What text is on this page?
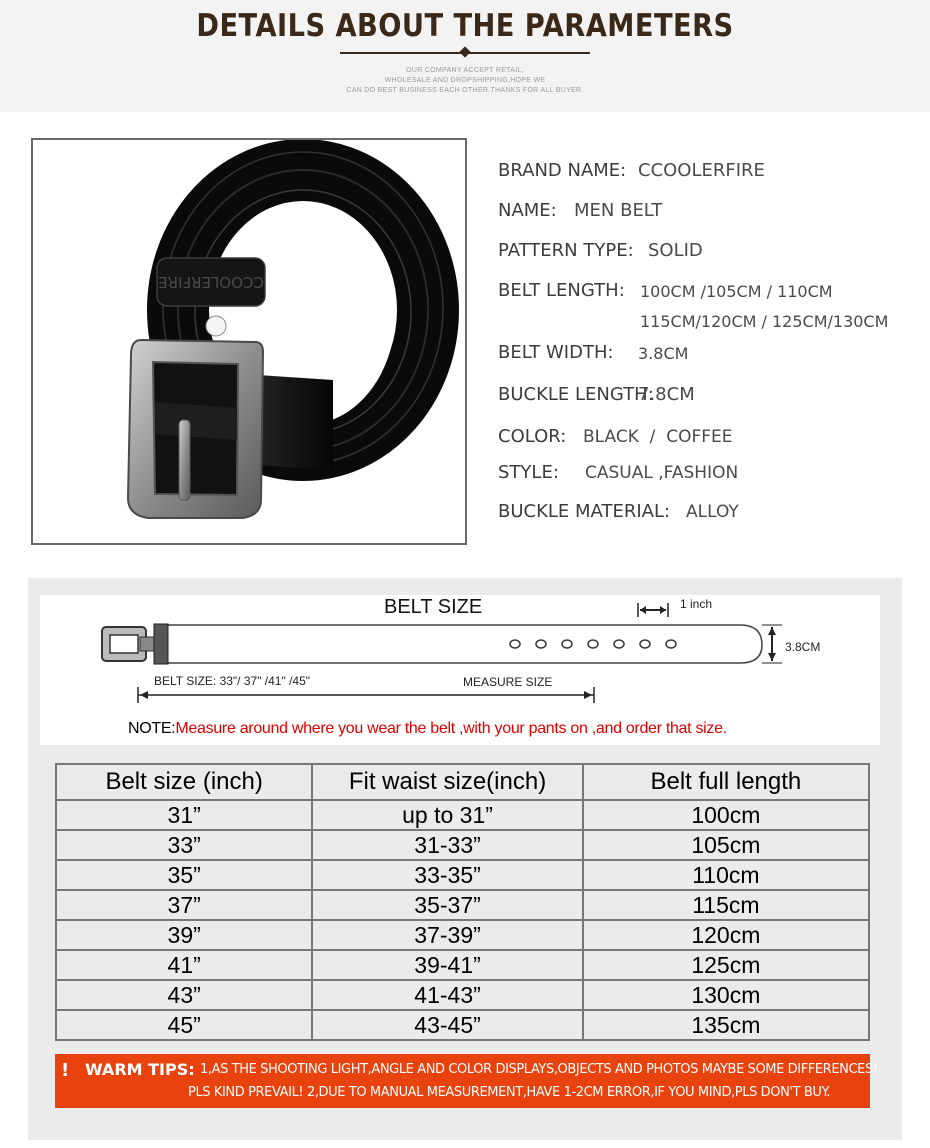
DETAILS ABOUT THE PARAMETERS
OUR COMPANY ACCEPT RETAIL,
WHOLESALE AND DROPSHIPPING,HOPE WE
CAN DO BEST BUSINESS EACH OTHER.THANKS FOR ALL BUYER.
CCOOLERFIRE
BRAND NAME: CCOOLERFIRE
NAME: MEN BELT
PATTERN TYPE: SOLID
BELT LENGTH: 100CM /105CM / 110CM
115CM/120CM / 125CM/130CM
BELT WIDTH: 3.8CM
BUCKLE LENGTH:
7.8CM
COLOR: BLACK  /  COFFEE
STYLE: CASUAL ,FASHION
BUCKLE MATERIAL: ALLOY
BELT SIZE	1 inch
3.8CM
BELT SIZE: 33"/ 37" /41" /45"	MEASURE SIZE
NOTE:Measure around where you wear the belt ,with your pants on ,and order that size.
Belt size (inch)	Fit waist size(inch)	Belt full length
31”	up to 31”	100cm
33”	31-33”	105cm
35”	33-35”	110cm
37”	35-37”	115cm
39”	37-39”	120cm
41”	39-41”	125cm
43”	41-43”	130cm
45”	43-45”	135cm
! WARM TIPS: 1,AS THE SHOOTING LIGHT,ANGLE AND COLOR DISPLAYS,OBJECTS AND PHOTOS MAYBE SOME DIFFERENCES!
PLS KIND PREVAIL! 2,DUE TO MANUAL MEASUREMENT,HAVE 1-2CM ERROR,IF YOU MIND,PLS DON'T BUY.
